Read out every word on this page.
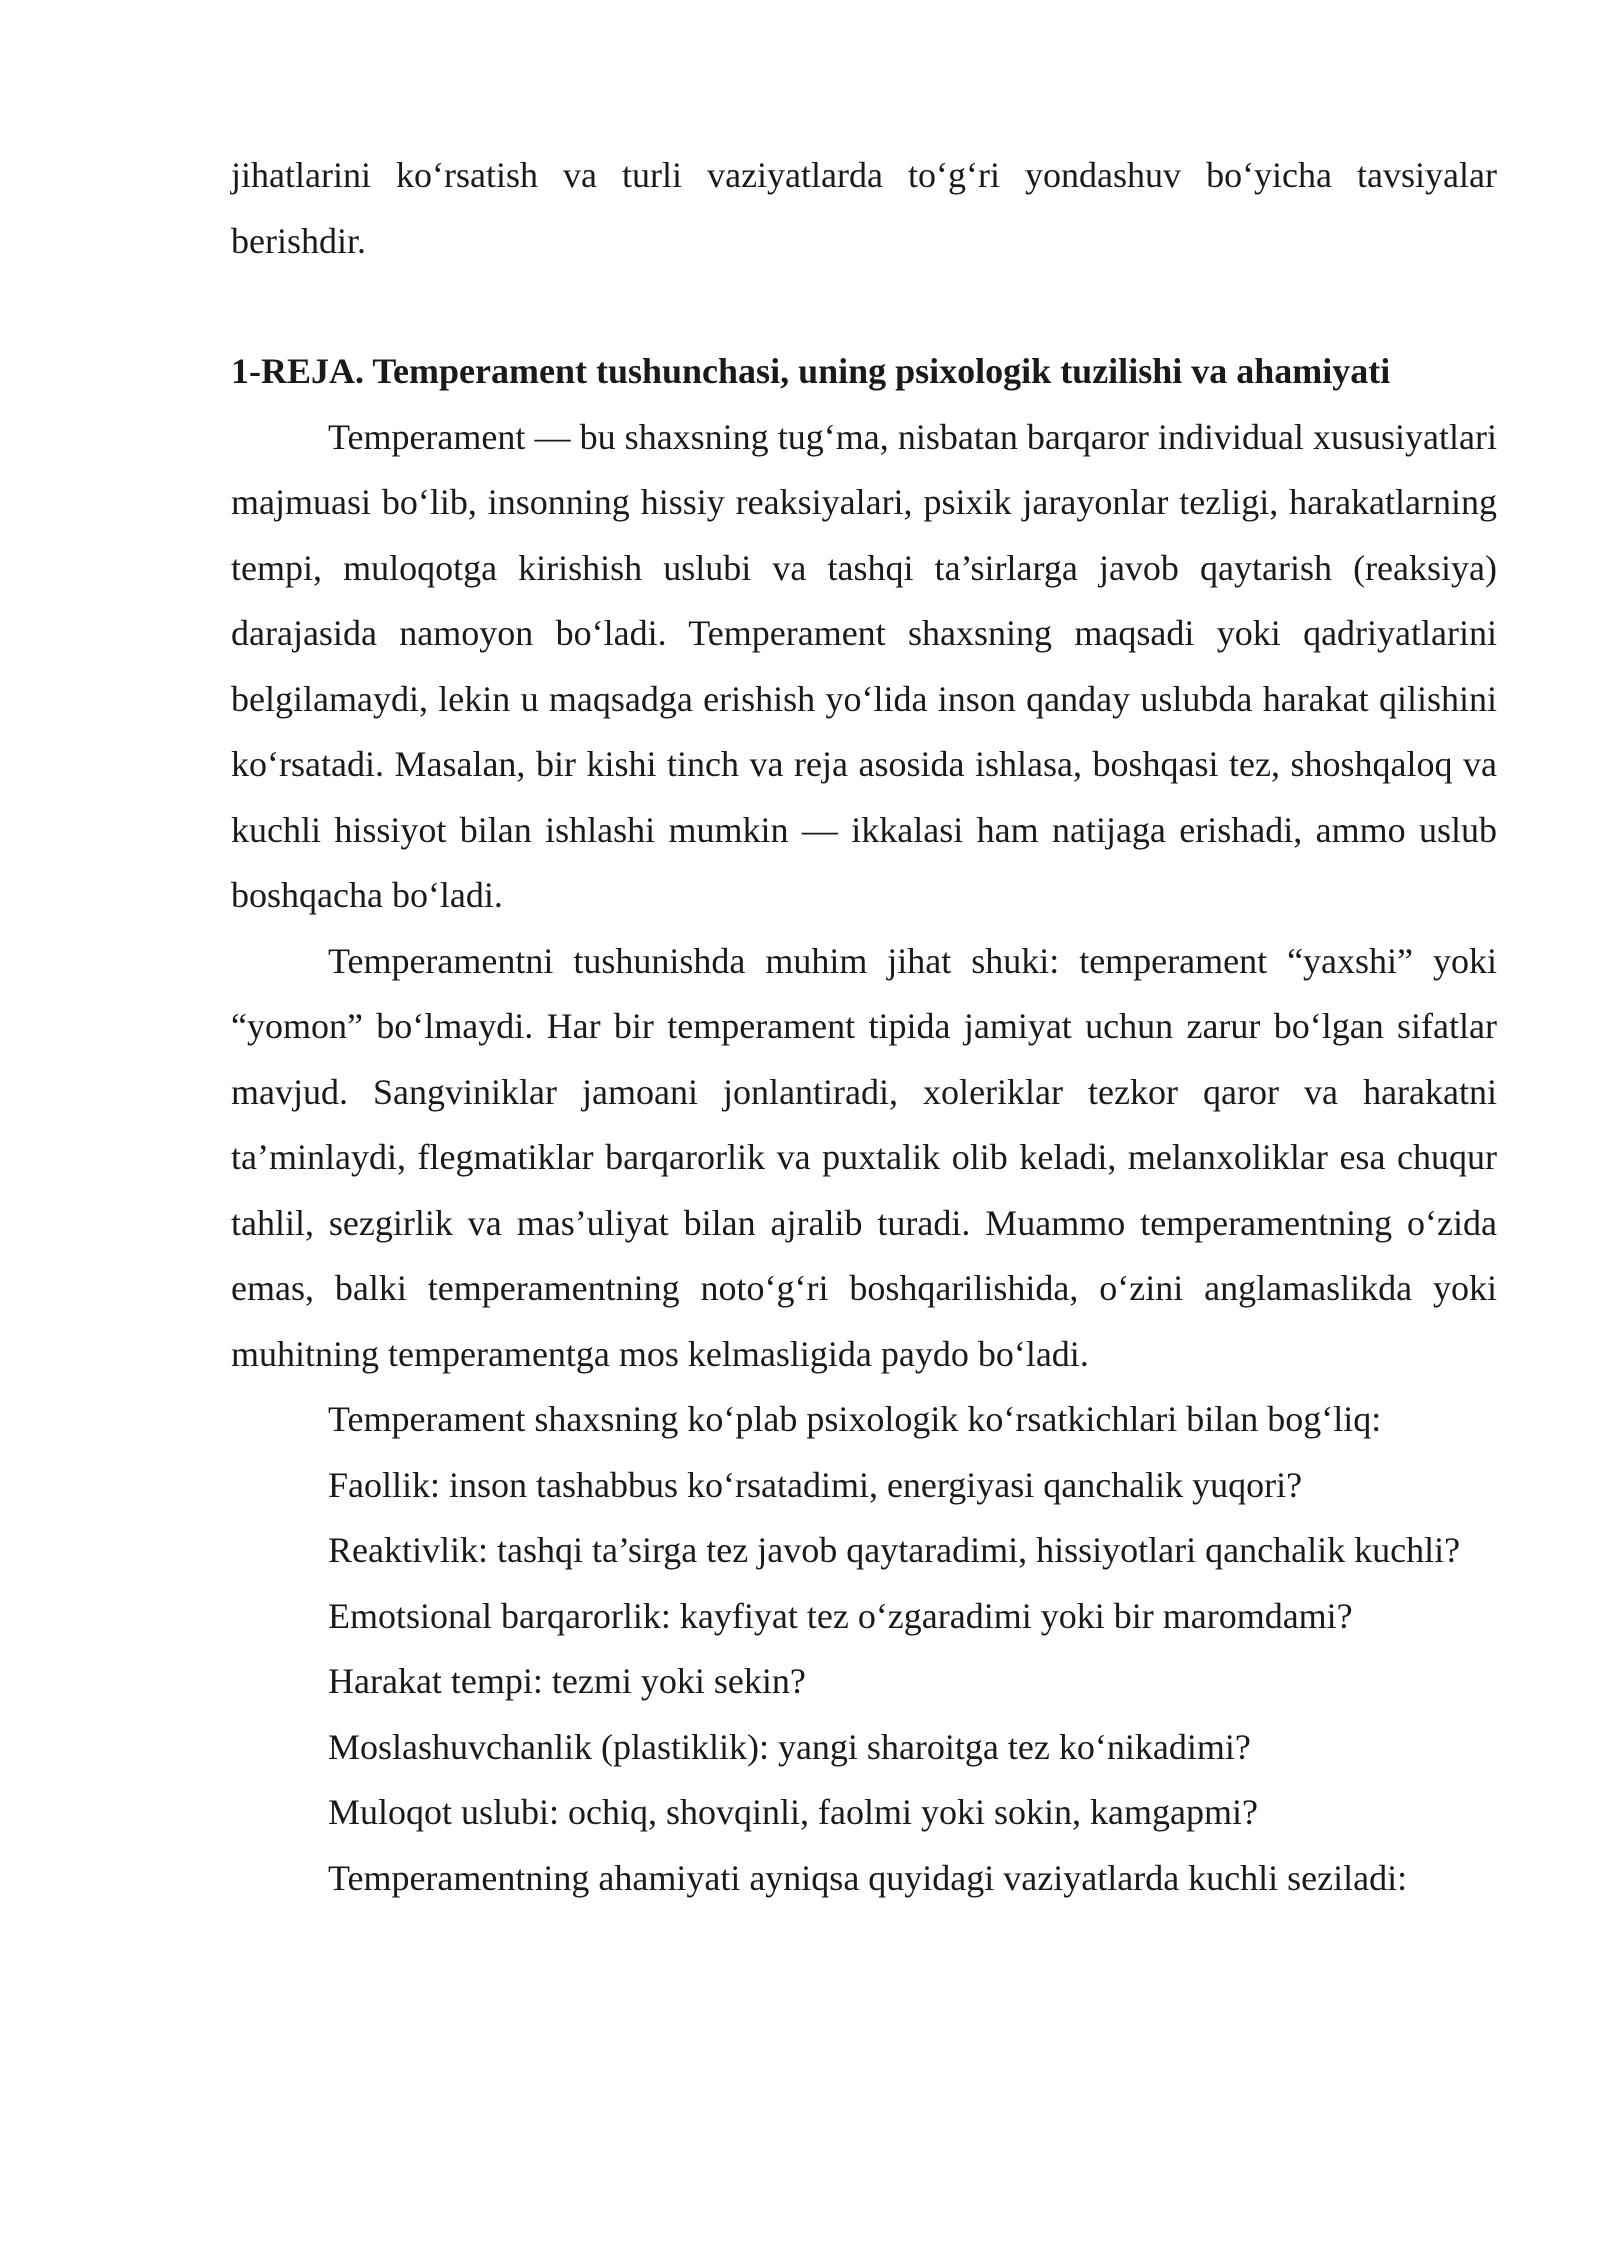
jihatlarini ko‘rsatish va turli vaziyatlarda to‘g‘ri yondashuv bo‘yicha tavsiyalar berishdir.

1-REJA. Temperament tushunchasi, uning psixologik tuzilishi va ahamiyati

Temperament — bu shaxsning tug‘ma, nisbatan barqaror individual xususiyatlari majmuasi bo‘lib, insonning hissiy reaksiyalari, psixik jarayonlar tezligi, harakatlarning tempi, muloqotga kirishish uslubi va tashqi ta’sirlarga javob qaytarish (reaksiya) darajasida namoyon bo‘ladi. Temperament shaxsning maqsadi yoki qadriyatlarini belgilamaydi, lekin u maqsadga erishish yo‘lida inson qanday uslubda harakat qilishini ko‘rsatadi. Masalan, bir kishi tinch va reja asosida ishlasa, boshqasi tez, shoshqaloq va kuchli hissiyot bilan ishlashi mumkin — ikkalasi ham natijaga erishadi, ammo uslub boshqacha bo‘ladi.

Temperamentni tushunishda muhim jihat shuki: temperament “yaxshi” yoki “yomon” bo‘lmaydi. Har bir temperament tipida jamiyat uchun zarur bo‘lgan sifatlar mavjud. Sangviniklar jamoani jonlantiradi, xoleriklar tezkor qaror va harakatni ta’minlaydi, flegmatiklar barqarorlik va puxtalik olib keladi, melanxoliklar esa chuqur tahlil, sezgirlik va mas’uliyat bilan ajralib turadi. Muammo temperamentning o‘zida emas, balki temperamentning noto‘g‘ri boshqarilishida, o‘zini anglamaslikda yoki muhitning temperamentga mos kelmasligida paydo bo‘ladi.

Temperament shaxsning ko‘plab psixologik ko‘rsatkichlari bilan bog‘liq:

Faollik: inson tashabbus ko‘rsatadimi, energiyasi qanchalik yuqori?

Reaktivlik: tashqi ta’sirga tez javob qaytaradimi, hissiyotlari qanchalik kuchli?

Emotsional barqarorlik: kayfiyat tez o‘zgaradimi yoki bir maromdami?

Harakat tempi: tezmi yoki sekin?

Moslashuvchanlik (plastiklik): yangi sharoitga tez ko‘nikadimi?

Muloqot uslubi: ochiq, shovqinli, faolmi yoki sokin, kamgapmi?

Temperamentning ahamiyati ayniqsa quyidagi vaziyatlarda kuchli seziladi:
